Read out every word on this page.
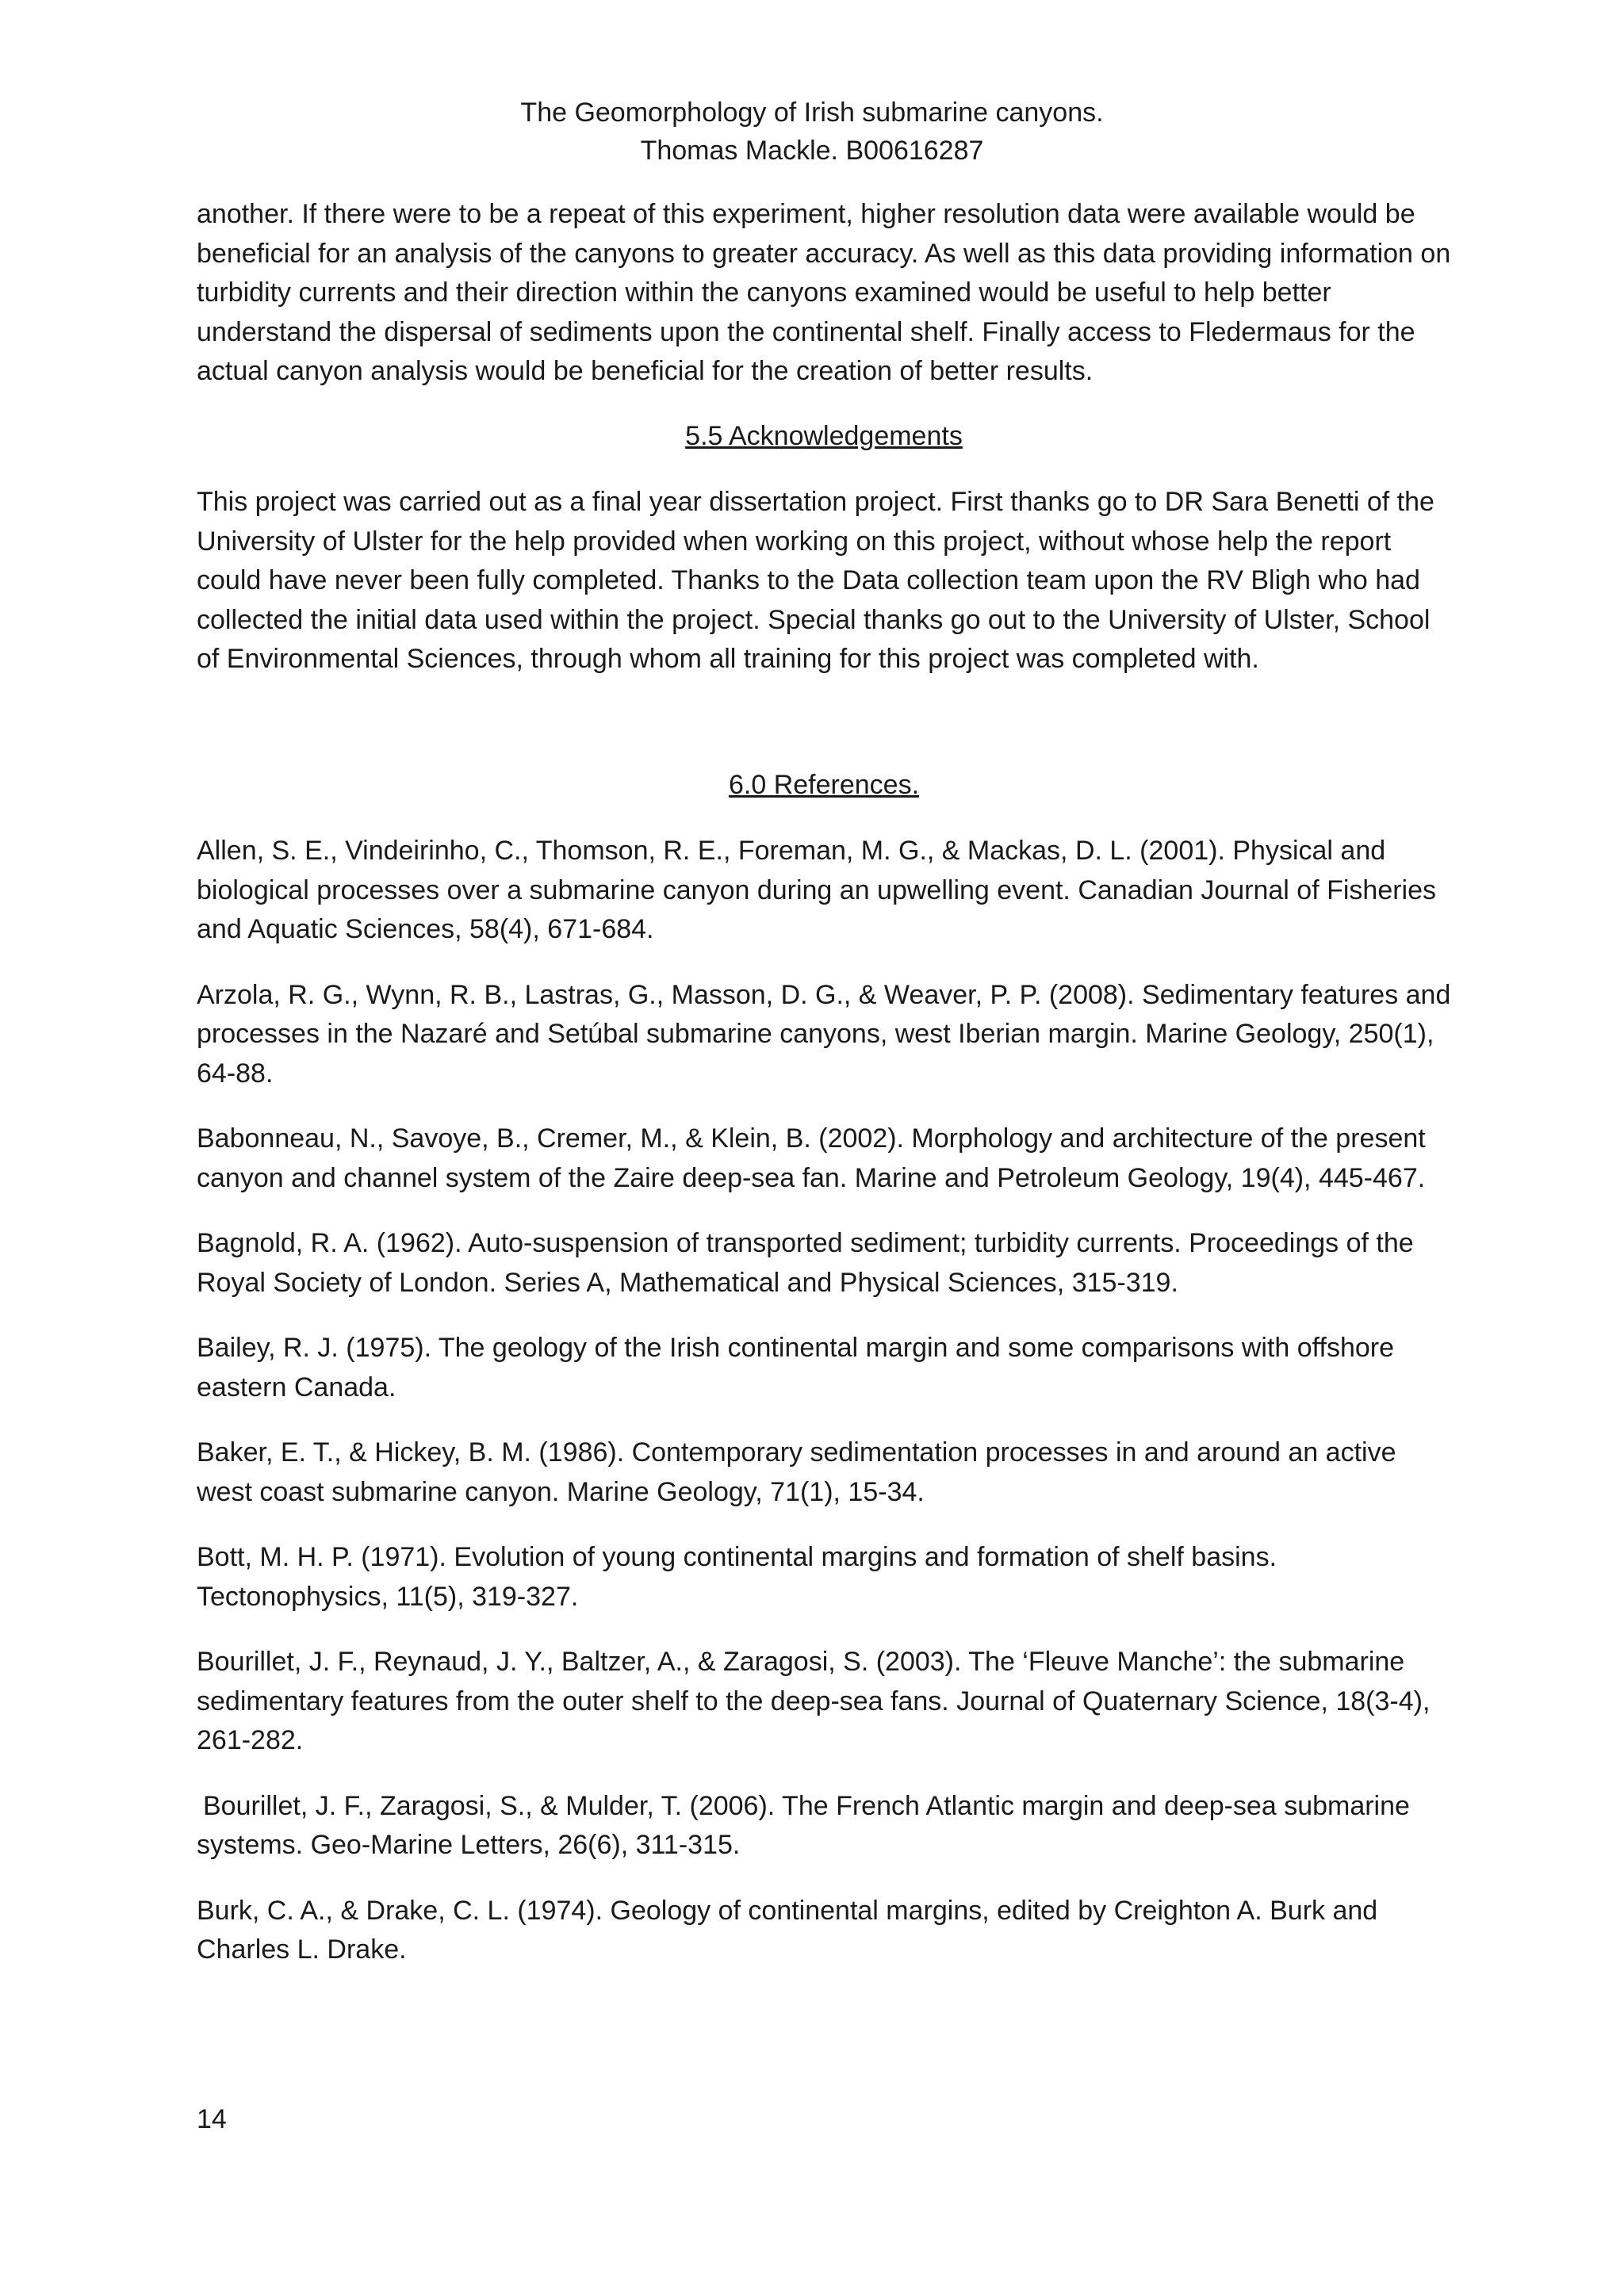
The Geomorphology of Irish submarine canyons.
Thomas Mackle. B00616287

another. If there were to be a repeat of this experiment, higher resolution data were available would be beneficial for an analysis of the canyons to greater accuracy. As well as this data providing information on turbidity currents and their direction within the canyons examined would be useful to help better understand the dispersal of sediments upon the continental shelf. Finally access to Fledermaus for the actual canyon analysis would be beneficial for the creation of better results.

5.5 Acknowledgements

This project was carried out as a final year dissertation project. First thanks go to DR Sara Benetti of the University of Ulster for the help provided when working on this project, without whose help the report could have never been fully completed. Thanks to the Data collection team upon the RV Bligh who had collected the initial data used within the project. Special thanks go out to the University of Ulster, School of Environmental Sciences, through whom all training for this project was completed with.

6.0 References.

Allen, S. E., Vindeirinho, C., Thomson, R. E., Foreman, M. G., & Mackas, D. L. (2001). Physical and biological processes over a submarine canyon during an upwelling event. Canadian Journal of Fisheries and Aquatic Sciences, 58(4), 671-684.

Arzola, R. G., Wynn, R. B., Lastras, G., Masson, D. G., & Weaver, P. P. (2008). Sedimentary features and processes in the Nazaré and Setúbal submarine canyons, west Iberian margin. Marine Geology, 250(1), 64-88.

Babonneau, N., Savoye, B., Cremer, M., & Klein, B. (2002). Morphology and architecture of the present canyon and channel system of the Zaire deep-sea fan. Marine and Petroleum Geology, 19(4), 445-467.

Bagnold, R. A. (1962). Auto-suspension of transported sediment; turbidity currents. Proceedings of the Royal Society of London. Series A, Mathematical and Physical Sciences, 315-319.

Bailey, R. J. (1975). The geology of the Irish continental margin and some comparisons with offshore eastern Canada.

Baker, E. T., & Hickey, B. M. (1986). Contemporary sedimentation processes in and around an active west coast submarine canyon. Marine Geology, 71(1), 15-34.

Bott, M. H. P. (1971). Evolution of young continental margins and formation of shelf basins. Tectonophysics, 11(5), 319-327.

Bourillet, J. F., Reynaud, J. Y., Baltzer, A., & Zaragosi, S. (2003). The ‘Fleuve Manche’: the submarine sedimentary features from the outer shelf to the deep-sea fans. Journal of Quaternary Science, 18(3-4), 261-282.

Bourillet, J. F., Zaragosi, S., & Mulder, T. (2006). The French Atlantic margin and deep-sea submarine systems. Geo-Marine Letters, 26(6), 311-315.

Burk, C. A., & Drake, C. L. (1974). Geology of continental margins, edited by Creighton A. Burk and Charles L. Drake.

14
